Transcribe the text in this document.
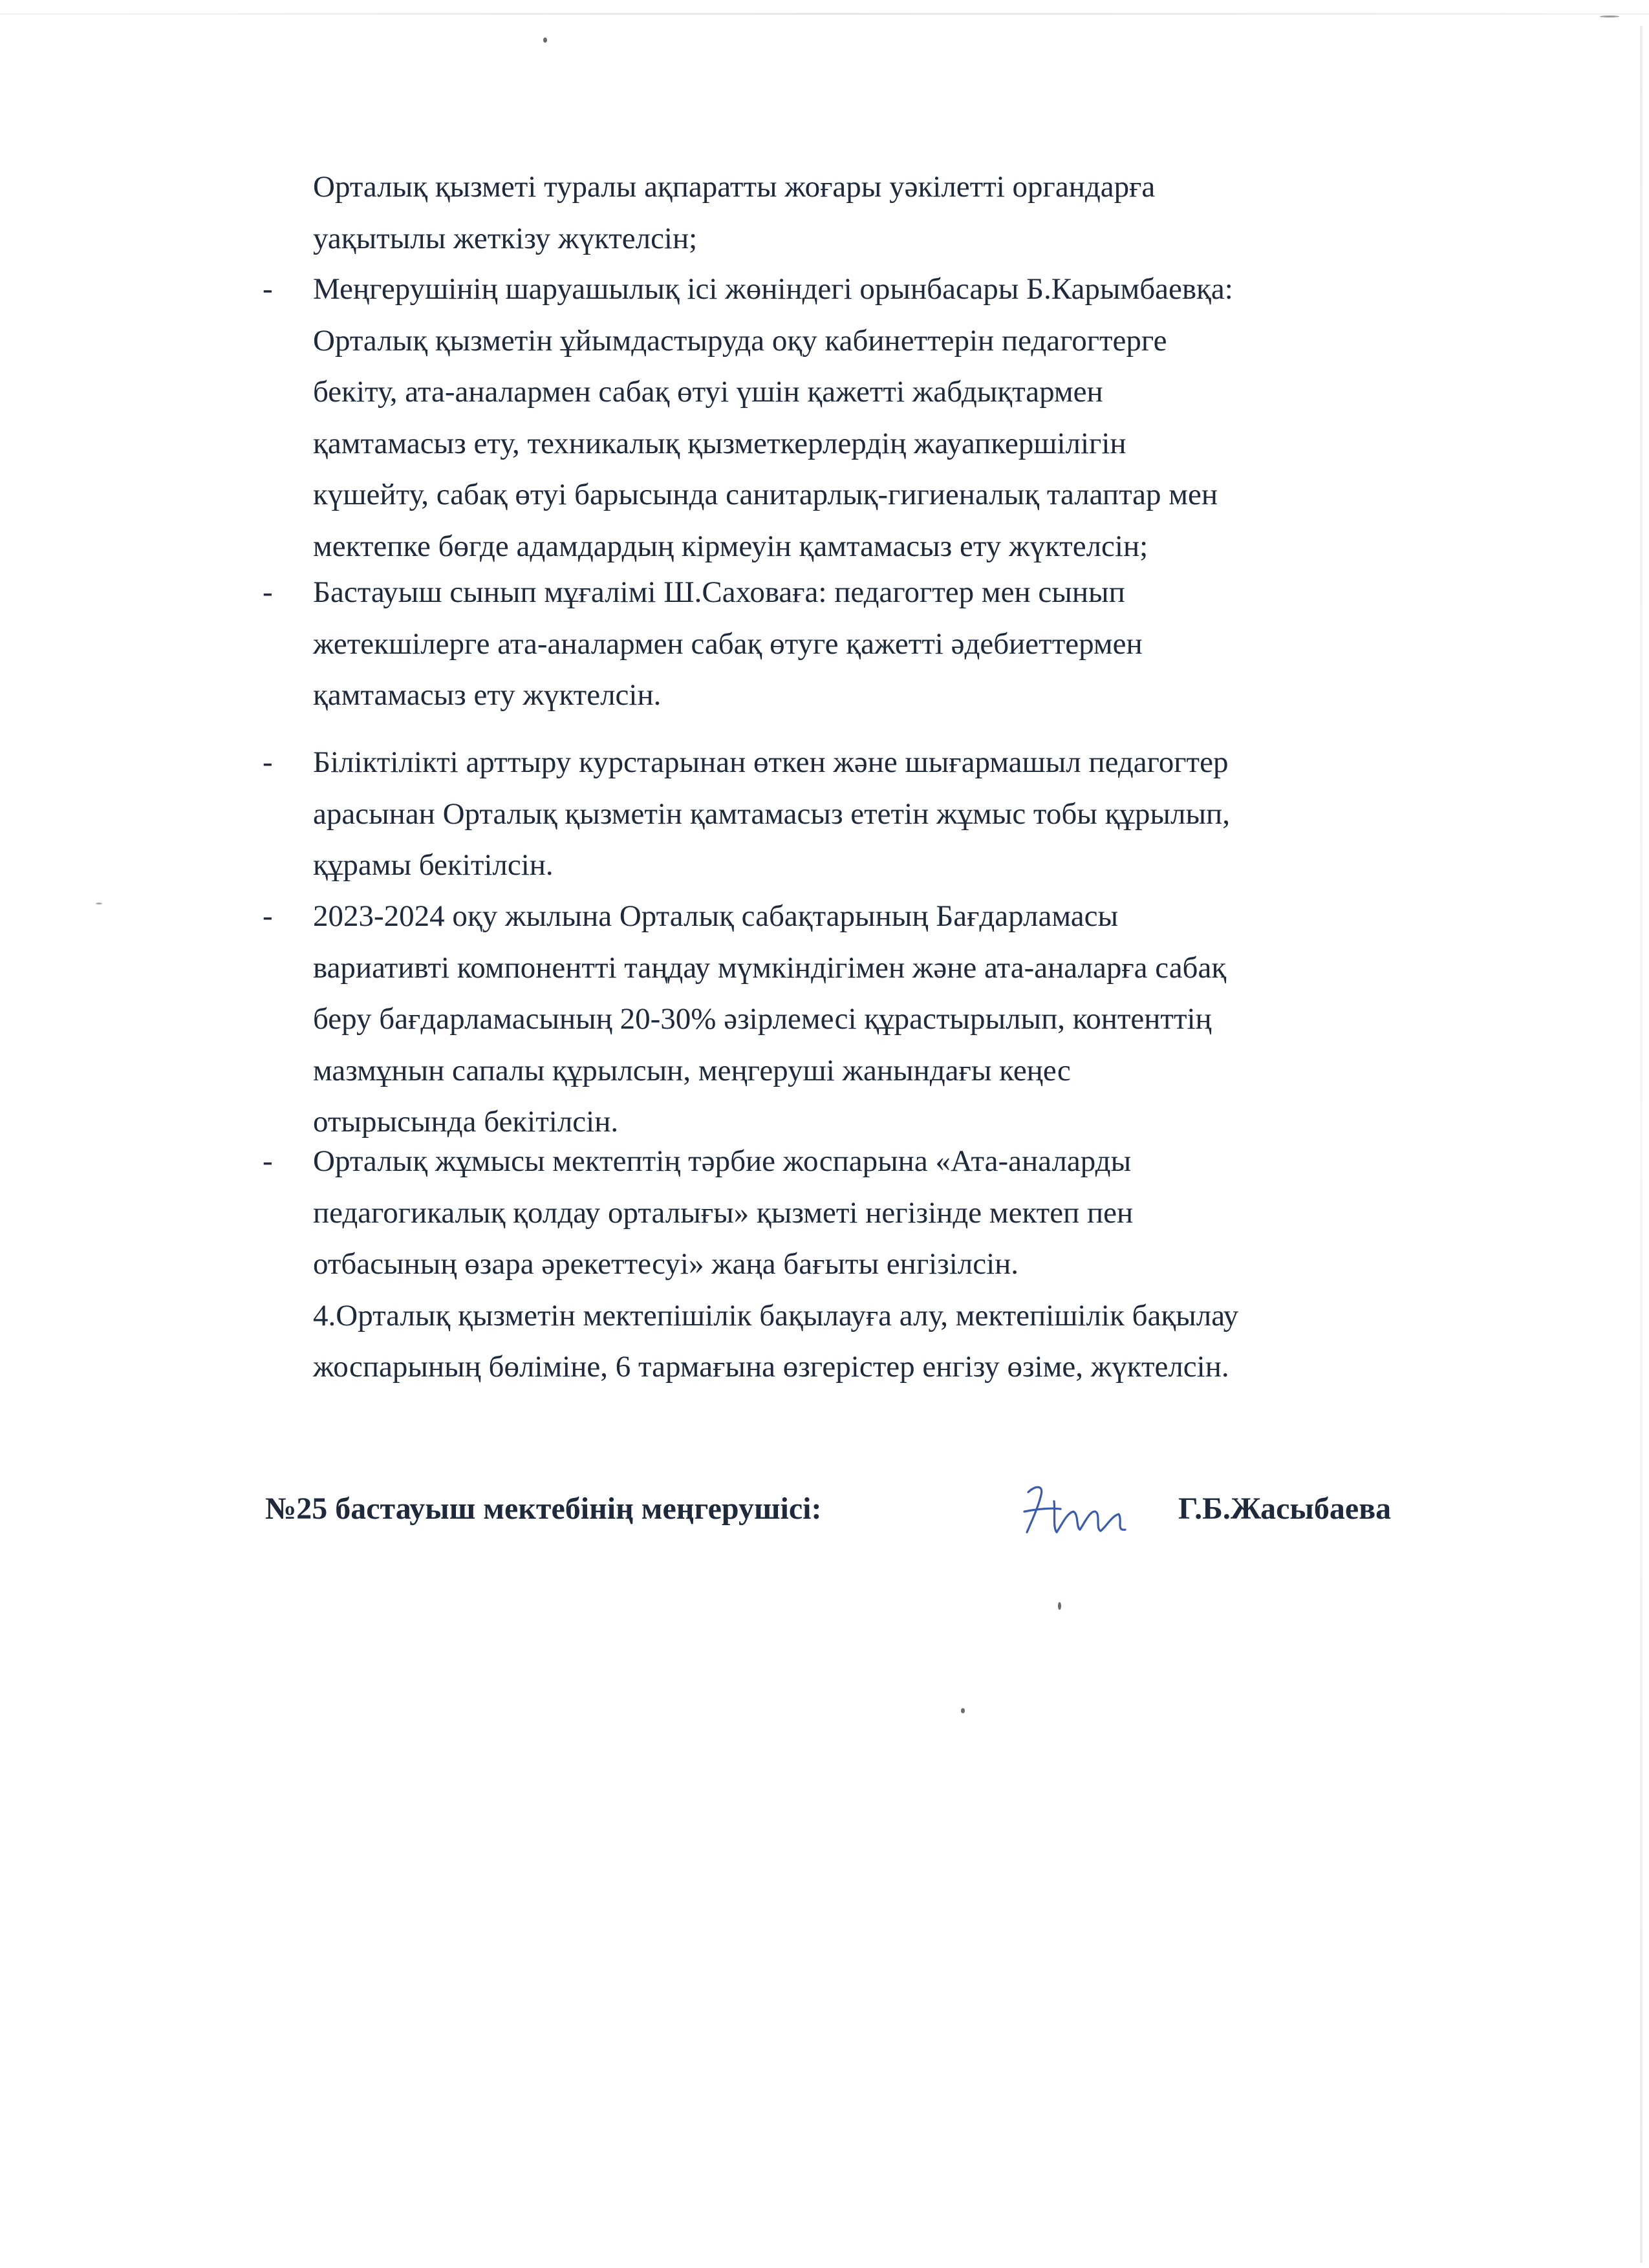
Орталық қызметі туралы ақпаратты жоғары уәкілетті органдарға
уақытылы жеткізу жүктелсін;
-	Меңгерушінің шаруашылық ісі жөніндегі орынбасары Б.Карымбаевқа:
Орталық қызметін ұйымдастыруда оқу кабинеттерін педагогтерге
бекіту, ата-аналармен сабақ өтуі үшін қажетті жабдықтармен
қамтамасыз ету, техникалық қызметкерлердің жауапкершілігін
күшейту, сабақ өтуі барысында санитарлық-гигиеналық талаптар мен
мектепке бөгде адамдардың кірмеуін қамтамасыз ету жүктелсін;
-	Бастауыш сынып мұғалімі Ш.Саховаға: педагогтер мен сынып
жетекшілерге ата-аналармен сабақ өтуге қажетті әдебиеттермен
қамтамасыз ету жүктелсін.
-	Біліктілікті арттыру курстарынан өткен және шығармашыл педагогтер
арасынан Орталық қызметін қамтамасыз ететін жұмыс тобы құрылып,
құрамы бекітілсін.
-	2023-2024 оқу жылына Орталық сабақтарының Бағдарламасы
вариативті компонентті таңдау мүмкіндігімен және ата-аналарға сабақ
беру бағдарламасының 20-30% әзірлемесі құрастырылып, контенттің
мазмұнын сапалы құрылсын, меңгеруші жанындағы кеңес
отырысында бекітілсін.
-	Орталық жұмысы мектептің тәрбие жоспарына «Ата-аналарды
педагогикалық қолдау орталығы» қызметі негізінде мектеп пен
отбасының өзара әрекеттесуі» жаңа бағыты енгізілсін.
4.Орталық қызметін мектепішілік бақылауға алу, мектепішілік бақылау
жоспарының бөліміне, 6 тармағына өзгерістер енгізу өзіме, жүктелсін.
№25 бастауыш мектебінің меңгерушісі:	Г.Б.Жасыбаева
